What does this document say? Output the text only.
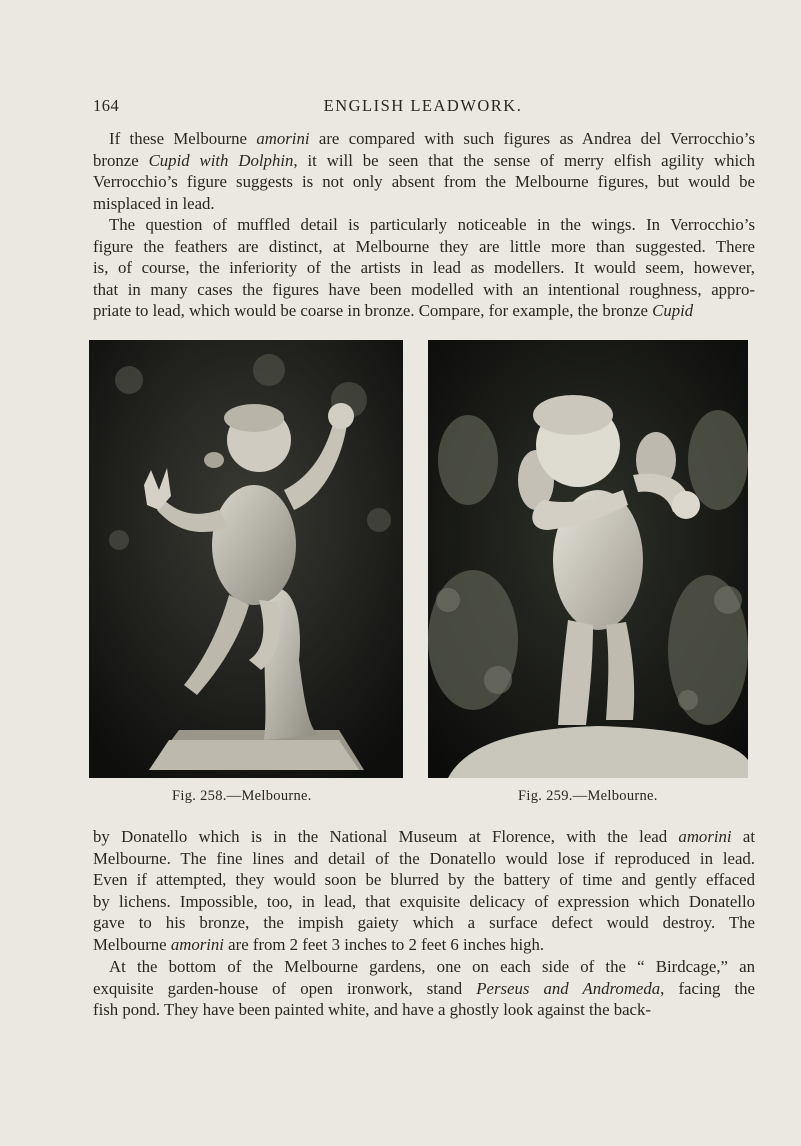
164	ENGLISH LEADWORK.
If these Melbourne amorini are compared with such figures as Andrea del Verrocchio’s
bronze Cupid with Dolphin, it will be seen that the sense of merry elfish agility which
Verrocchio’s figure suggests is not only absent from the Melbourne figures, but would be
misplaced in lead.
The question of muffled detail is particularly noticeable in the wings. In Verrocchio’s
figure the feathers are distinct, at Melbourne they are little more than suggested. There
is, of course, the inferiority of the artists in lead as modellers. It would seem, however,
that in many cases the figures have been modelled with an intentional roughness, appro-
priate to lead, which would be coarse in bronze. Compare, for example, the bronze Cupid
Fig. 258.—Melbourne.	Fig. 259.—Melbourne.
by Donatello which is in the National Museum at Florence, with the lead amorini at
Melbourne. The fine lines and detail of the Donatello would lose if reproduced in lead.
Even if attempted, they would soon be blurred by the battery of time and gently effaced
by lichens. Impossible, too, in lead, that exquisite delicacy of expression which Donatello
gave to his bronze, the impish gaiety which a surface defect would destroy. The
Melbourne amorini are from 2 feet 3 inches to 2 feet 6 inches high.
At the bottom of the Melbourne gardens, one on each side of the “ Birdcage,” an
exquisite garden-house of open ironwork, stand Perseus and Andromeda, facing the
fish pond. They have been painted white, and have a ghostly look against the back-
